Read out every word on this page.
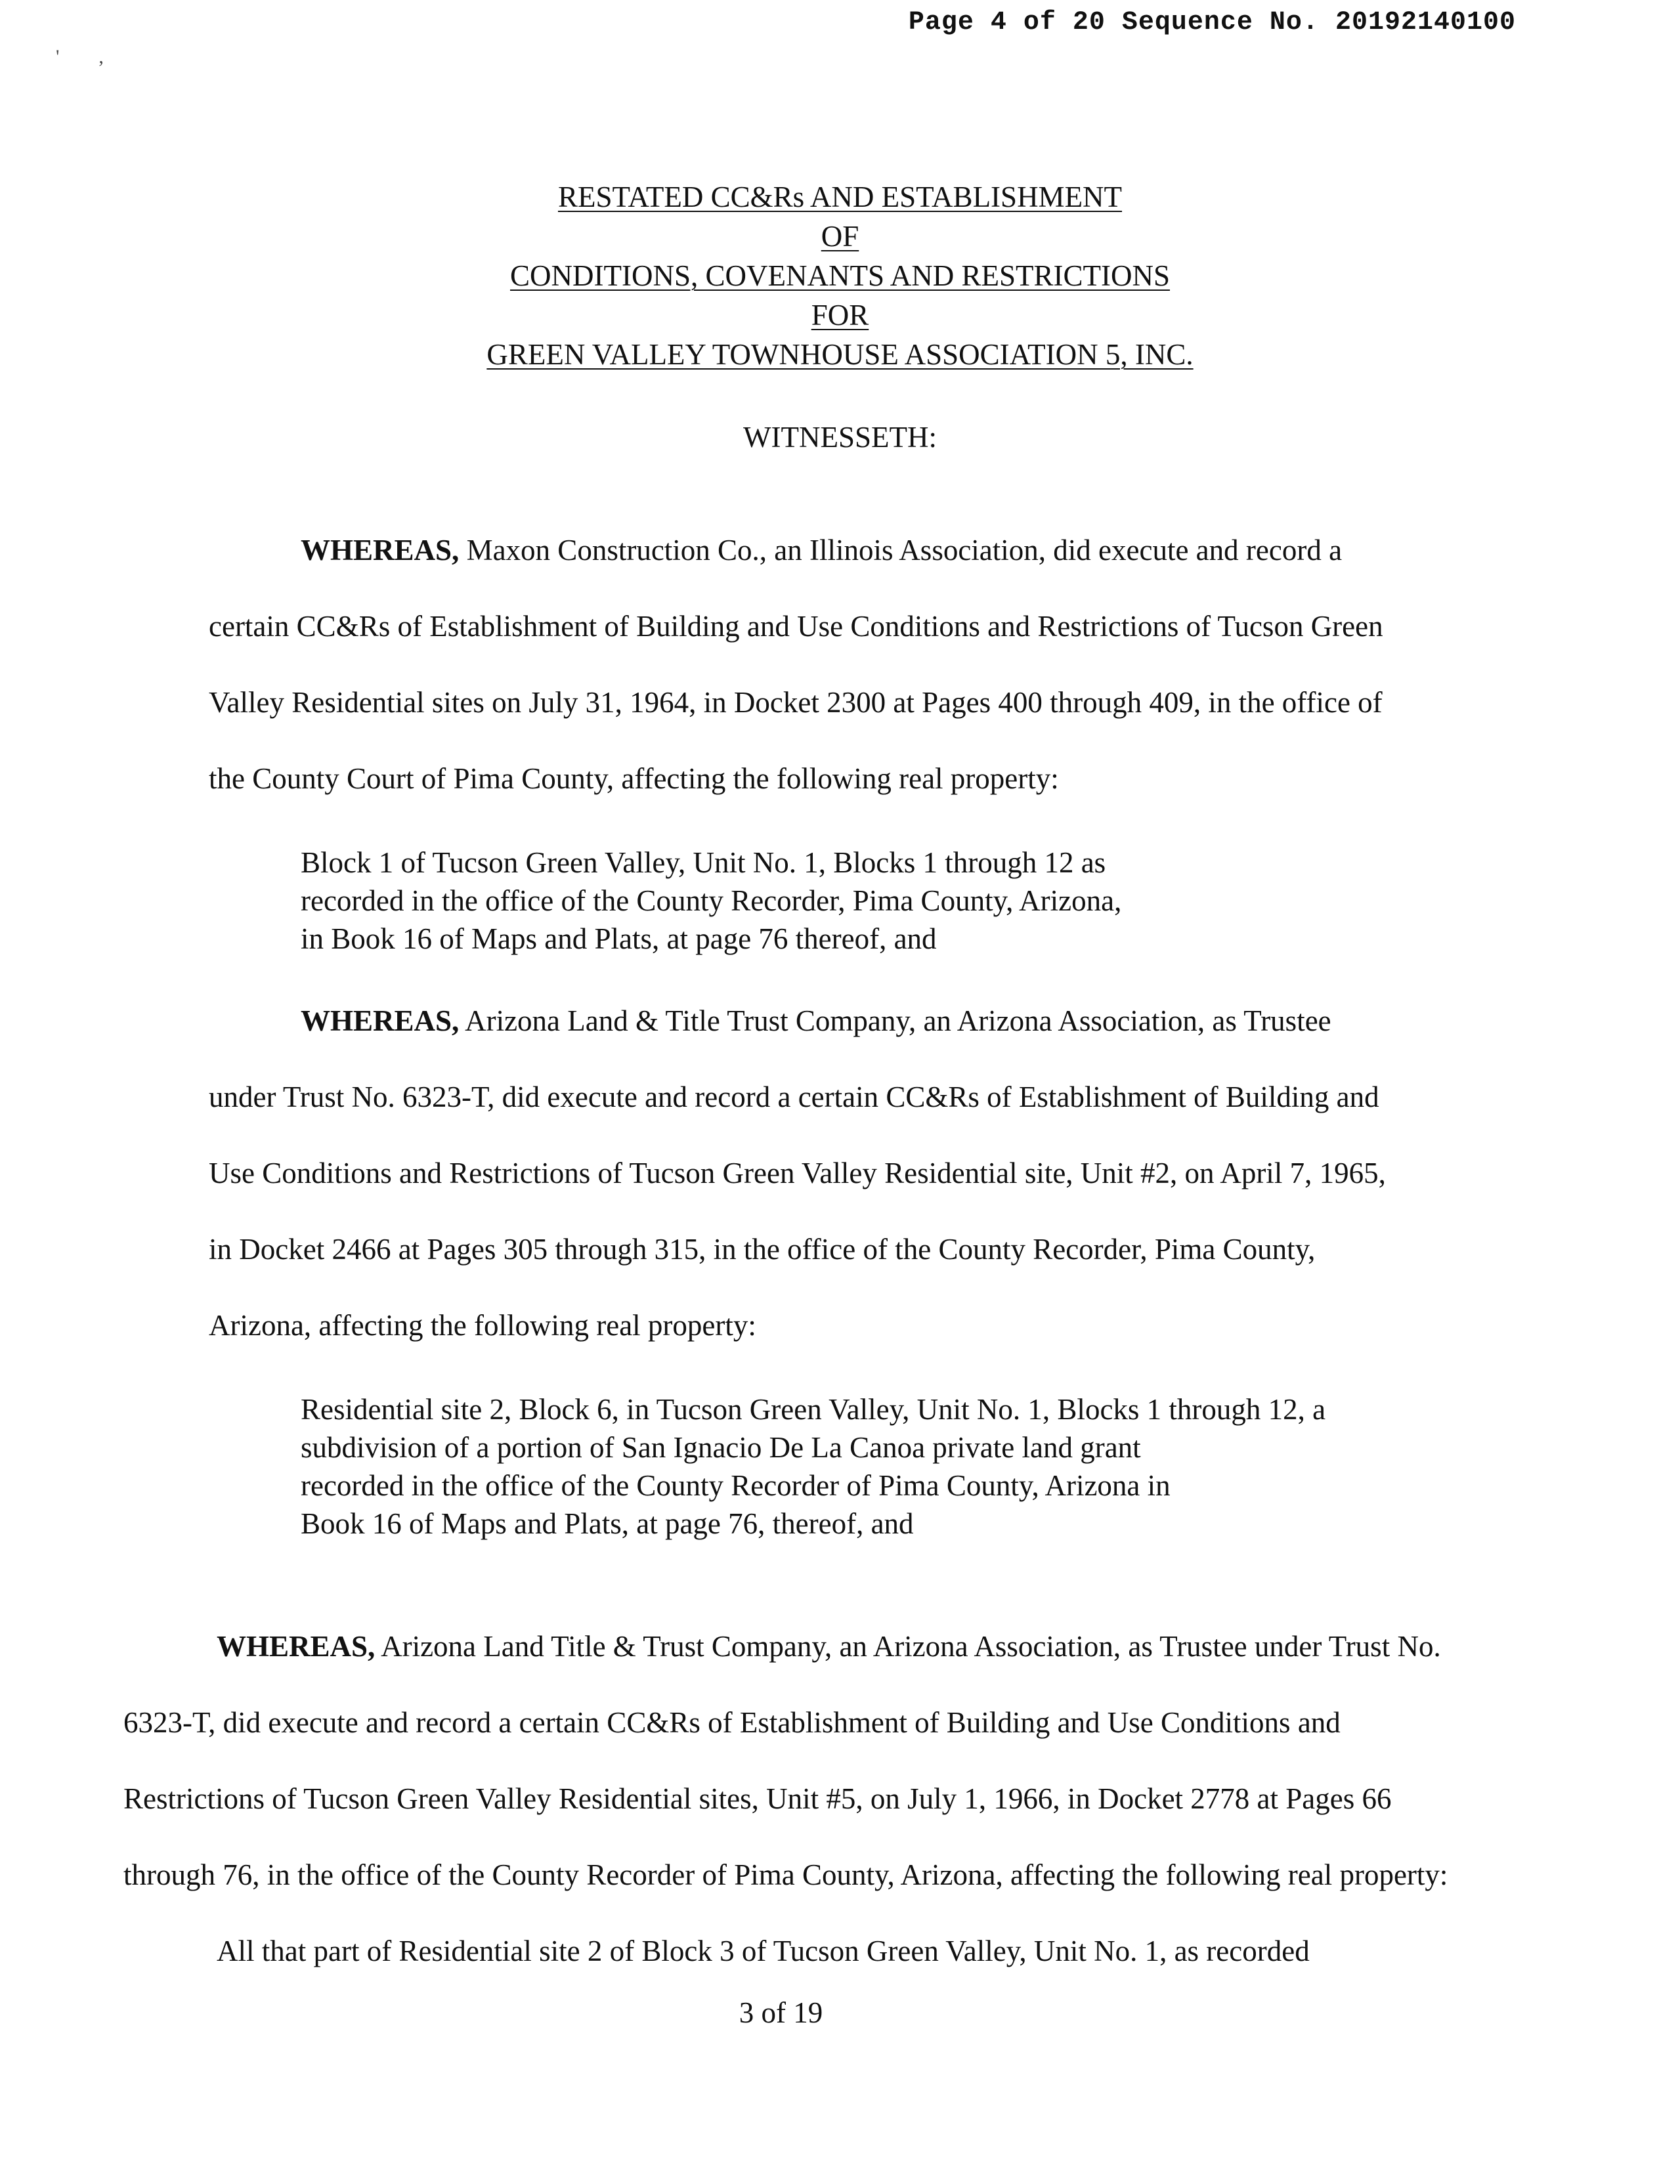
Page 4 of 20 Sequence No. 20192140100
'        ,
RESTATED CC&Rs AND ESTABLISHMENT
OF
CONDITIONS, COVENANTS AND RESTRICTIONS
FOR
GREEN VALLEY TOWNHOUSE ASSOCIATION 5, INC.
WITNESSETH:
WHEREAS, Maxon Construction Co., an Illinois Association, did execute and record a
certain CC&Rs of Establishment of Building and Use Conditions and Restrictions of Tucson Green
Valley Residential sites on July 31, 1964, in Docket 2300 at Pages 400 through 409, in the office of
the County Court of Pima County, affecting the following real property:
Block 1 of Tucson Green Valley, Unit No. 1, Blocks 1 through 12 as
recorded in the office of the County Recorder, Pima County, Arizona,
in Book 16 of Maps and Plats, at page 76 thereof, and
WHEREAS, Arizona Land & Title Trust Company, an Arizona Association, as Trustee
under Trust No. 6323-T, did execute and record a certain CC&Rs of Establishment of Building and
Use Conditions and Restrictions of Tucson Green Valley Residential site, Unit #2, on April 7, 1965,
in Docket 2466 at Pages 305 through 315, in the office of the County Recorder, Pima County,
Arizona, affecting the following real property:
Residential site 2, Block 6, in Tucson Green Valley, Unit No. 1, Blocks 1 through 12, a
subdivision of a portion of San Ignacio De La Canoa private land grant
recorded in the office of the County Recorder of Pima County, Arizona in
Book 16 of Maps and Plats, at page 76, thereof, and
WHEREAS, Arizona Land Title & Trust Company, an Arizona Association, as Trustee under Trust No.
6323-T, did execute and record a certain CC&Rs of Establishment of Building and Use Conditions and
Restrictions of Tucson Green Valley Residential sites, Unit #5, on July 1, 1966, in Docket 2778 at Pages 66
through 76, in the office of the County Recorder of Pima County, Arizona, affecting the following real property:
All that part of Residential site 2 of Block 3 of Tucson Green Valley, Unit No. 1, as recorded
3 of 19
